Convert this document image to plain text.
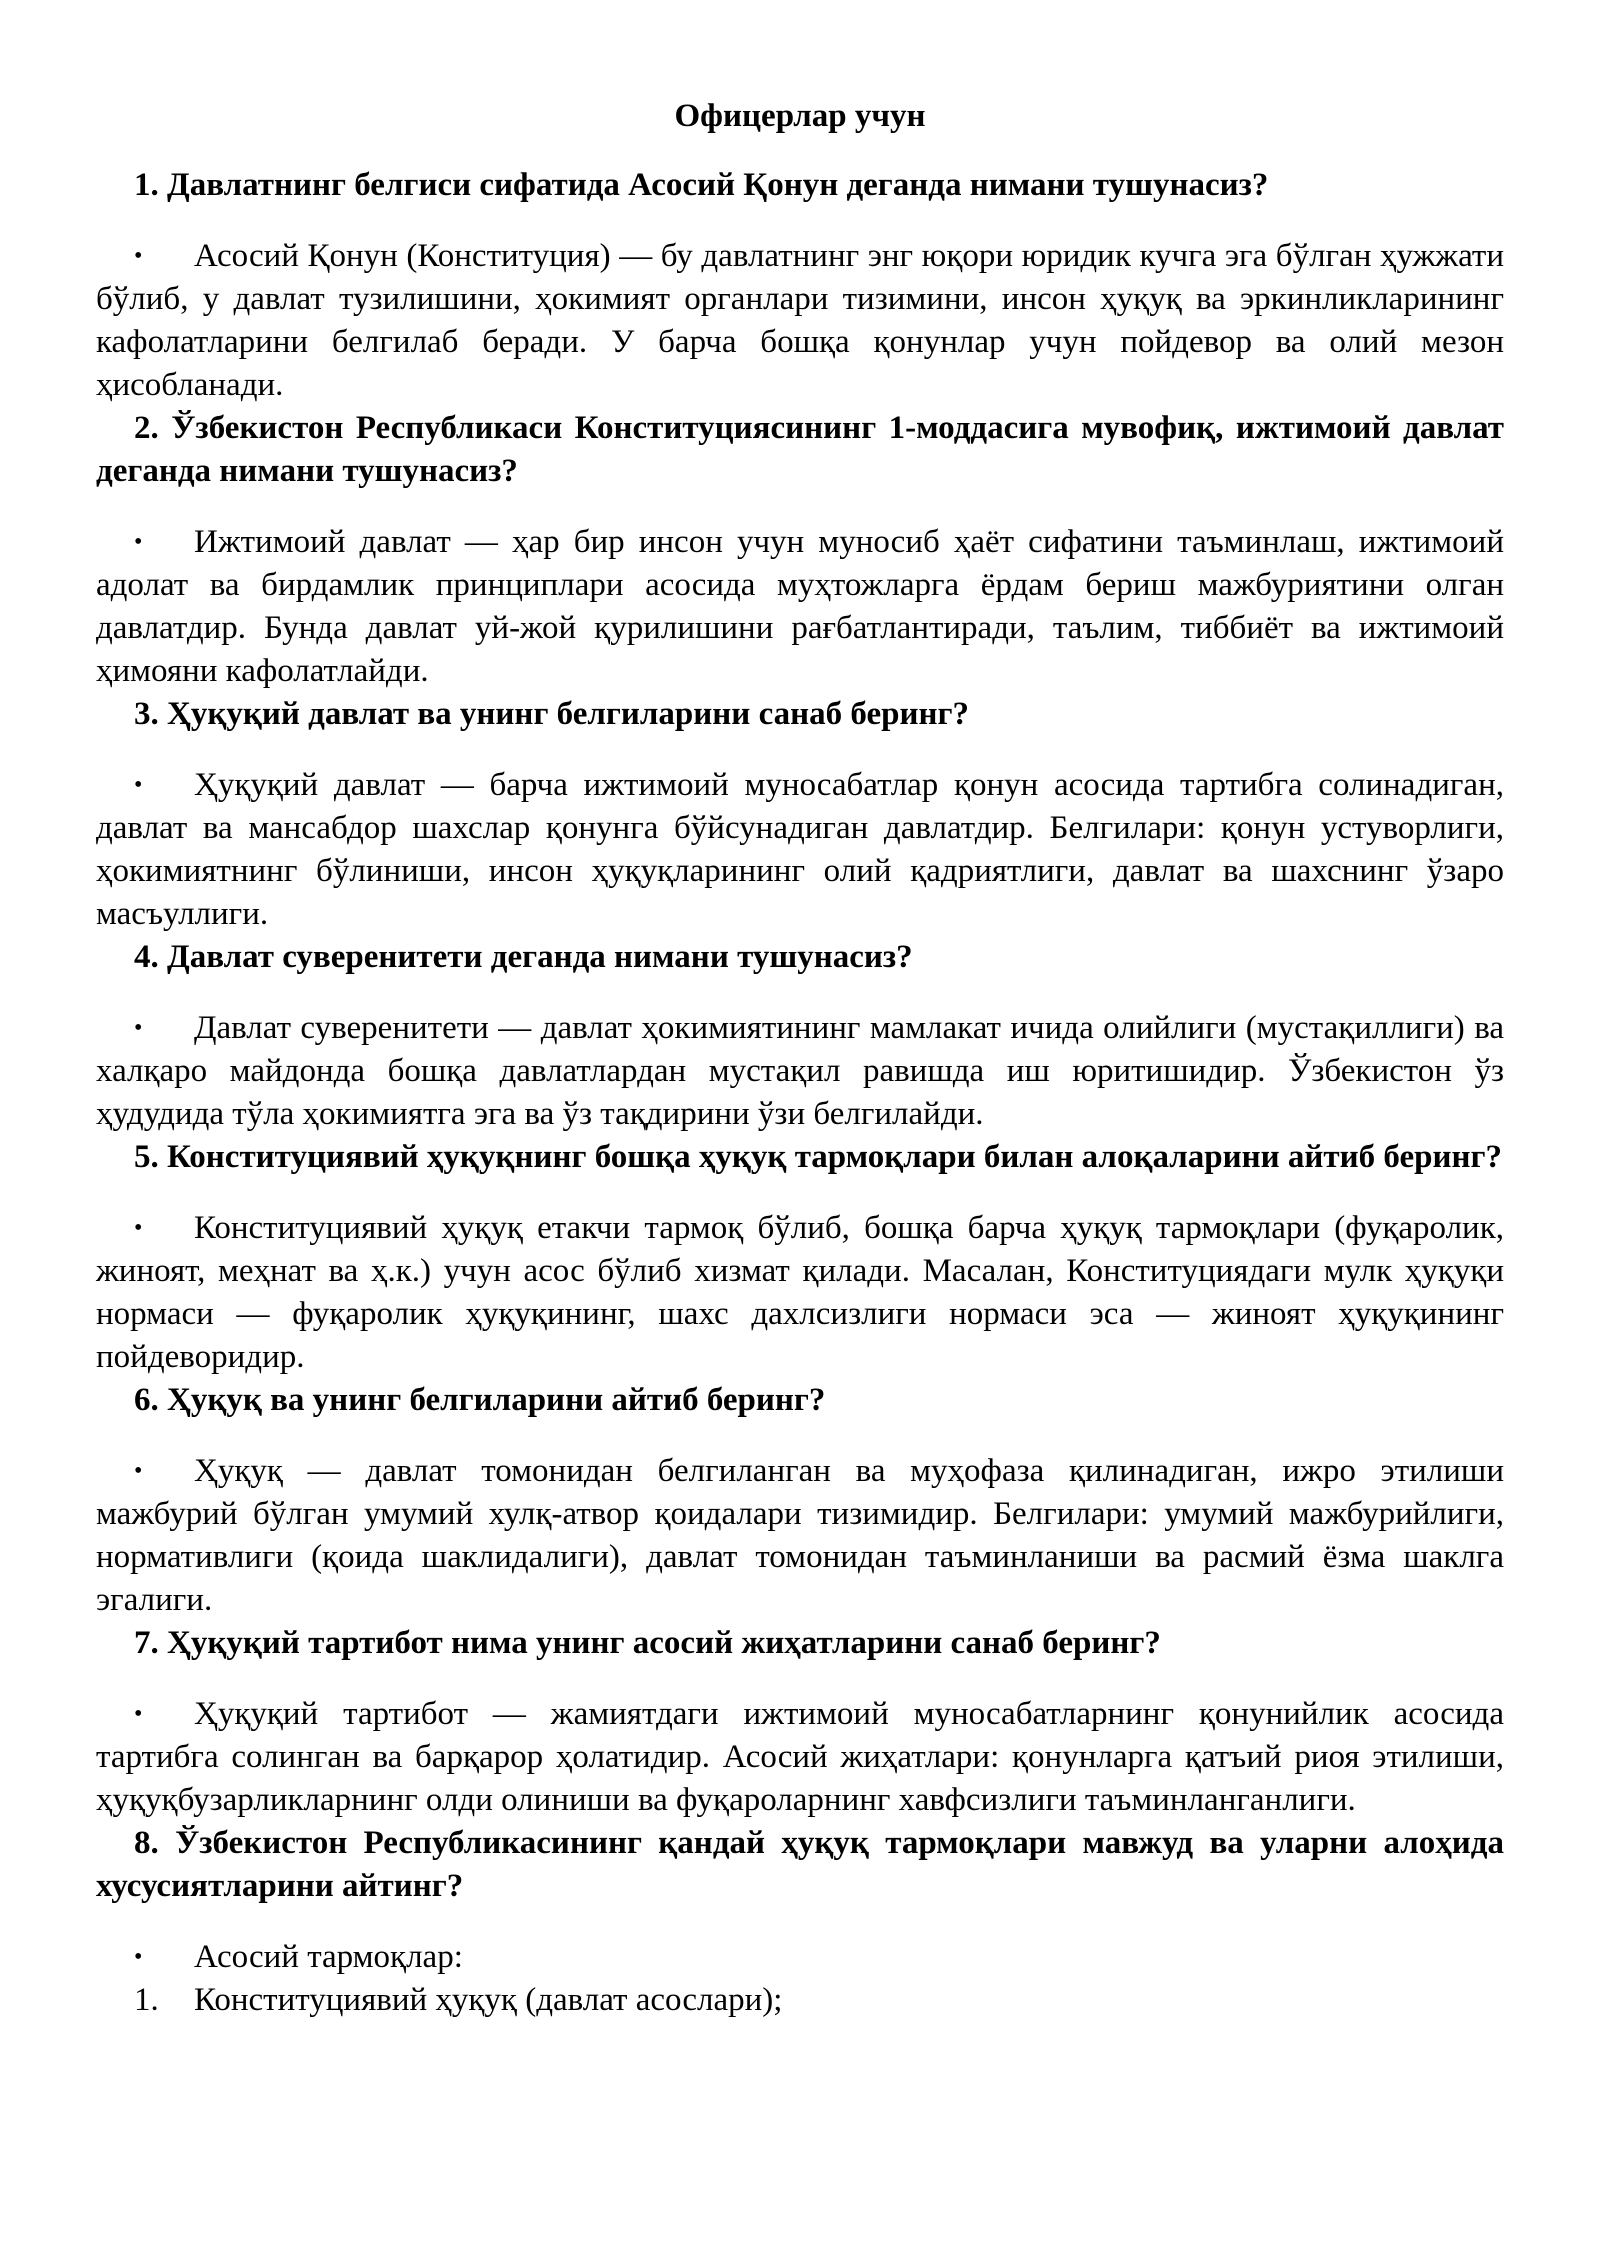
Офицерлар учун

1. Давлатнинг белгиси сифатида Асосий Қонун деганда нимани тушунасиз?

•	Асосий Қонун (Конституция) — бу давлатнинг энг юқори юридик кучга эга бўлган ҳужжати бўлиб, у давлат тузилишини, ҳокимият органлари тизимини, инсон ҳуқуқ ва эркинликларининг кафолатларини белгилаб беради. У барча бошқа қонунлар учун пойдевор ва олий мезон ҳисобланади.

2. Ўзбекистон Республикаси Конституциясининг 1-моддасига мувофиқ, ижтимоий давлат деганда нимани тушунасиз?

•	Ижтимоий давлат — ҳар бир инсон учун муносиб ҳаёт сифатини таъминлаш, ижтимоий адолат ва бирдамлик принциплари асосида муҳтожларга ёрдам бериш мажбуриятини олган давлатдир. Бунда давлат уй-жой қурилишини рағбатлантиради, таълим, тиббиёт ва ижтимоий ҳимояни кафолатлайди.

3. Ҳуқуқий давлат ва унинг белгиларини санаб беринг?

•	Ҳуқуқий давлат — барча ижтимоий муносабатлар қонун асосида тартибга солинадиган, давлат ва мансабдор шахслар қонунга бўйсунадиган давлатдир. Белгилари: қонун устуворлиги, ҳокимиятнинг бўлиниши, инсон ҳуқуқларининг олий қадриятлиги, давлат ва шахснинг ўзаро масъуллиги.

4. Давлат суверенитети деганда нимани тушунасиз?

•	Давлат суверенитети — давлат ҳокимиятининг мамлакат ичида олийлиги (мустақиллиги) ва халқаро майдонда бошқа давлатлардан мустақил равишда иш юритишидир. Ўзбекистон ўз ҳудудида тўла ҳокимиятга эга ва ўз тақдирини ўзи белгилайди.

5. Конституциявий ҳуқуқнинг бошқа ҳуқуқ тармоқлари билан алоқаларини айтиб беринг?

•	Конституциявий ҳуқуқ етакчи тармоқ бўлиб, бошқа барча ҳуқуқ тармоқлари (фуқаролик, жиноят, меҳнат ва ҳ.к.) учун асос бўлиб хизмат қилади. Масалан, Конституциядаги мулк ҳуқуқи нормаси — фуқаролик ҳуқуқининг, шахс дахлсизлиги нормаси эса — жиноят ҳуқуқининг пойдеворидир.

6. Ҳуқуқ ва унинг белгиларини айтиб беринг?

•	Ҳуқуқ — давлат томонидан белгиланган ва муҳофаза қилинадиган, ижро этилиши мажбурий бўлган умумий хулқ-атвор қоидалари тизимидир. Белгилари: умумий мажбурийлиги, нормативлиги (қоида шаклидалиги), давлат томонидан таъминланиши ва расмий ёзма шаклга эгалиги.

7. Ҳуқуқий тартибот нима унинг асосий жиҳатларини санаб беринг?

•	Ҳуқуқий тартибот — жамиятдаги ижтимоий муносабатларнинг қонунийлик асосида тартибга солинган ва барқарор ҳолатидир. Асосий жиҳатлари: қонунларга қатъий риоя этилиши, ҳуқуқбузарликларнинг олди олиниши ва фуқароларнинг хавфсизлиги таъминланганлиги.

8. Ўзбекистон Республикасининг қандай ҳуқуқ тармоқлари мавжуд ва уларни алоҳида хусусиятларини айтинг?

• Асосий тармоқлар:

1. Конституциявий ҳуқуқ (давлат асослари);
